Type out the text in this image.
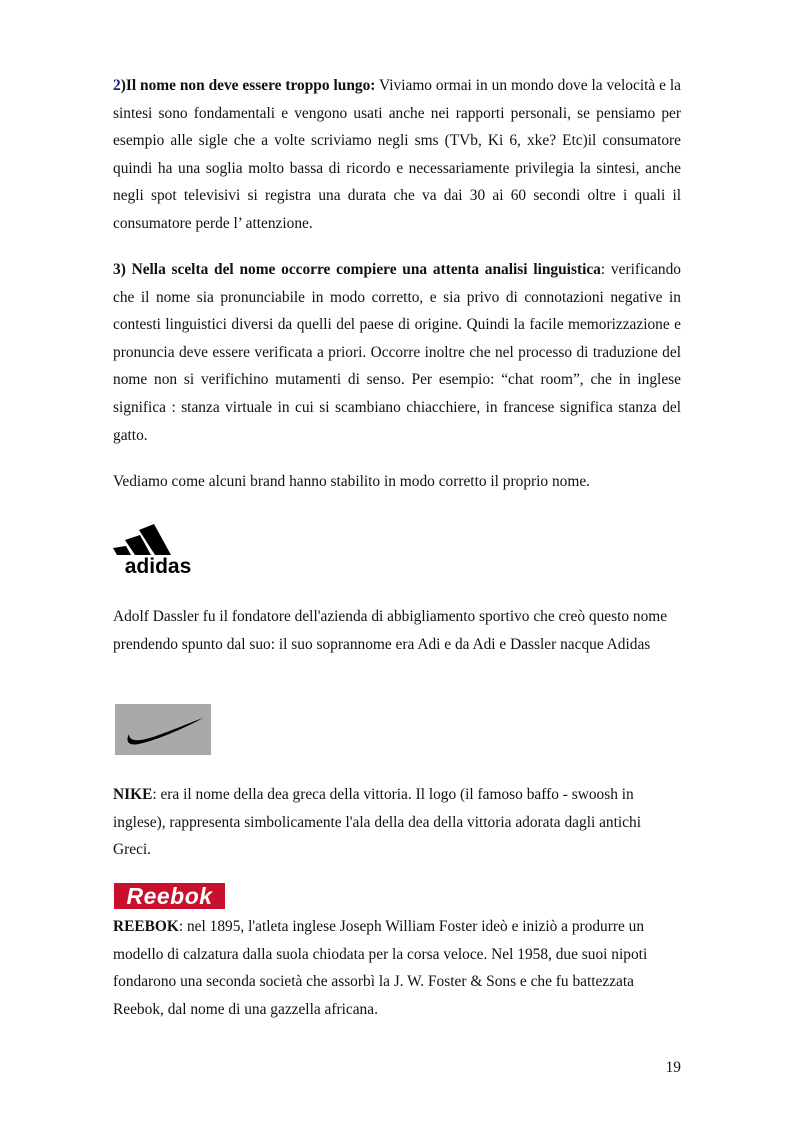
2)Il nome non deve essere troppo lungo: Viviamo ormai in un mondo dove la velocità e la sintesi sono fondamentali e vengono usati anche nei rapporti personali, se pensiamo per esempio alle sigle che a volte scriviamo negli sms (TVb, Ki 6, xke? Etc)il consumatore quindi ha una soglia molto bassa di ricordo e necessariamente privilegia la sintesi, anche negli spot televisivi si registra una durata che va dai 30 ai 60 secondi oltre i quali il consumatore perde l’ attenzione.

3) Nella scelta del nome occorre compiere una attenta analisi linguistica: verificando che il nome sia pronunciabile in modo corretto, e sia privo di connotazioni negative in contesti linguistici diversi da quelli del paese di origine. Quindi la facile memorizzazione e pronuncia deve essere verificata a priori. Occorre inoltre che nel processo di traduzione del nome non si verifichino mutamenti di senso. Per esempio: “chat room”, che in inglese significa : stanza virtuale in cui si scambiano chiacchiere, in francese significa stanza del gatto.

Vediamo come alcuni brand hanno stabilito in modo corretto il proprio nome.

adidas

Adolf Dassler fu il fondatore dell'azienda di abbigliamento sportivo che creò questo nome prendendo spunto dal suo: il suo soprannome era Adi e da Adi e Dassler nacque Adidas

NIKE: era il nome della dea greca della vittoria. Il logo (il famoso baffo - swoosh in inglese), rappresenta simbolicamente l'ala della dea della vittoria adorata dagli antichi Greci.

Reebok

REEBOK: nel 1895, l'atleta inglese Joseph William Foster ideò e iniziò a produrre un modello di calzatura dalla suola chiodata per la corsa veloce. Nel 1958, due suoi nipoti fondarono una seconda società che assorbì la J. W. Foster & Sons e che fu battezzata Reebok, dal nome di una gazzella africana.

19
